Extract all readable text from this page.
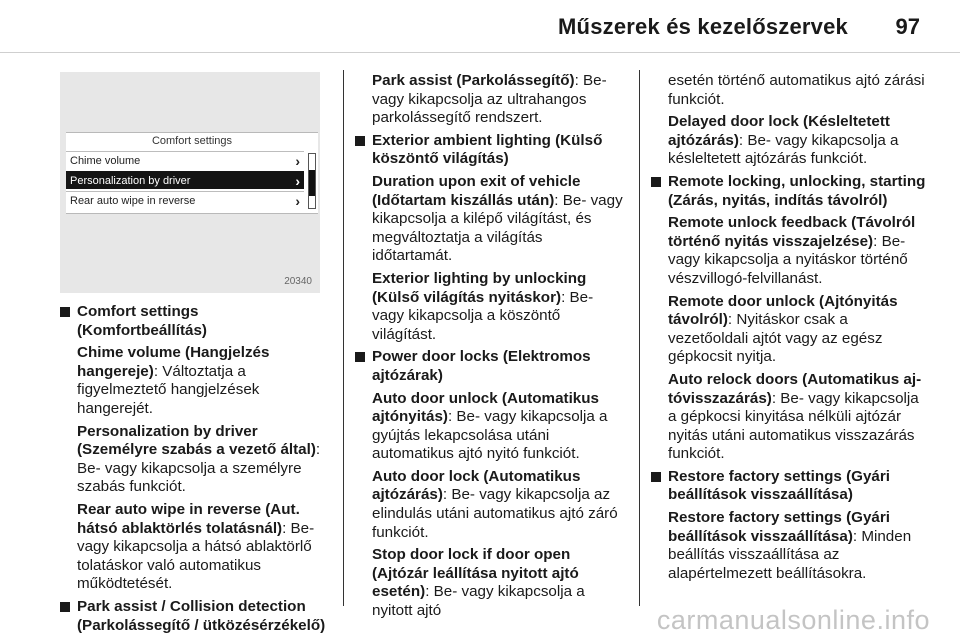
Műszerek és kezelőszervek 97
Comfort settings
Chime volume	›
Personalization by driver	›
Rear auto wipe in reverse	›
20340
Comfort settings (Komfortbeállítás)

Chime volume (Hangjelzés hangereje): Változtatja a figyelmeztető hangjelzések hangerejét.

Personalization by driver (Személyre szabás a vezető által): Be- vagy kikapcsolja a személyre szabás funkciót.

Rear auto wipe in reverse (Aut. hátsó ablaktörlés tolatásnál): Be- vagy kikapcsolja a hátsó ablaktörlő tolatáskor való automatikus működtetését.

Park assist / Collision detection (Parkolássegítő / ütközésérzékelő)

Park assist (Parkolássegítő): Be- vagy kikapcsolja az ultrahangos parkolássegítő rendszert.

Exterior ambient lighting (Külső köszöntő világítás)

Duration upon exit of vehicle (Időtartam kiszállás után): Be- vagy kikapcsolja a kilépő világítást, és megváltoztatja a világítás időtartamát.

Exterior lighting by unlocking (Külső világítás nyitáskor): Be- vagy kikapcsolja a köszöntő világítást.

Power door locks (Elektromos ajtózárak)

Auto door unlock (Automatikus ajtónyitás): Be- vagy kikapcsolja a gyújtás lekapcsolása utáni automatikus ajtó nyitó funkciót.

Auto door lock (Automatikus ajtózárás): Be- vagy kikapcsolja az elindulás utáni automatikus ajtó záró funkciót.

Stop door lock if door open (Ajtózár leállítása nyitott ajtó esetén): Be- vagy kikapcsolja a nyitott ajtó

esetén történő automatikus ajtó zárási funkciót.

Delayed door lock (Késleltetett ajtózárás): Be- vagy kikapcsolja a késleltetett ajtózárás funkciót.

Remote locking, unlocking, starting (Zárás, nyitás, indítás távolról)

Remote unlock feedback (Távolról történő nyitás visszajelzése): Be- vagy kikapcsolja a nyitáskor történő vészvillogó-felvillanást.

Remote door unlock (Ajtónyitás távolról): Nyitáskor csak a vezetőoldali ajtót vagy az egész gépkocsit nyitja.

Auto relock doors (Automatikus ajtóvisszazárás): Be- vagy kikapcsolja a gépkocsi kinyitása nélküli ajtózár nyitás utáni automatikus visszazárás funkciót.

Restore factory settings (Gyári beállítások visszaállítása)

Restore factory settings (Gyári beállítások visszaállítása): Minden beállítás visszaállítása az alapértelmezett beállításokra.

carmanualsonline.info
